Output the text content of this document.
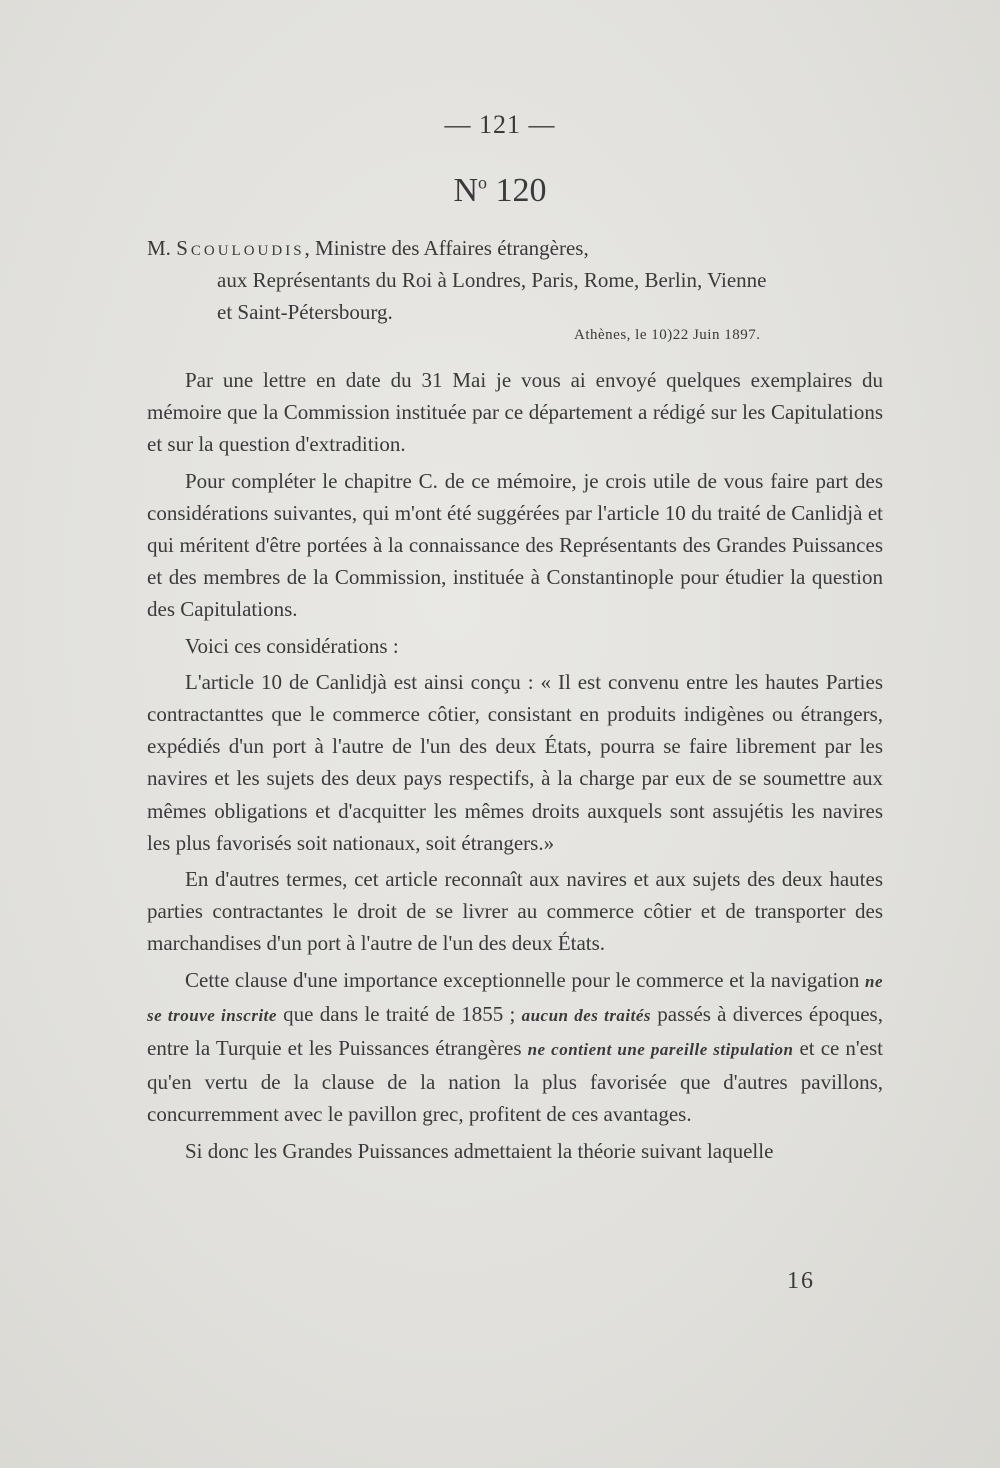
— 121 —
$N^o$ 120

M. Scouloudis, Ministre des Affaires étrangères,

aux Représentants du Roi à Londres, Paris, Rome, Berlin, Vienne

et Saint-Pétersbourg.

Athènes, le 10)22 Juin 1897.

Par une lettre en date du 31 Mai je vous ai envoyé quelques exemplaires du mémoire que la Commission instituée par ce département a rédigé sur les Capitulations et sur la question d'extradition.

Pour compléter le chapitre C. de ce mémoire, je crois utile de vous faire part des considérations suivantes, qui m'ont été suggérées par l'article 10 du traité de Canlidjà et qui méritent d'être portées à la connaissance des Représentants des Grandes Puissances et des membres de la Commission, instituée à Constantinople pour étudier la question des Capitulations.

Voici ces considérations :

L'article 10 de Canlidjà est ainsi conçu : « Il est convenu entre les hautes Parties contractanttes que le commerce côtier, consistant en produits indigènes ou étrangers, expédiés d'un port à l'autre de l'un des deux États, pourra se faire librement par les navires et les sujets des deux pays respectifs, à la charge par eux de se soumettre aux mêmes obligations et d'acquitter les mêmes droits auxquels sont assujétis les navires les plus favorisés soit nationaux, soit étrangers.»

En d'autres termes, cet article reconnaît aux navires et aux sujets des deux hautes parties contractantes le droit de se livrer au commerce côtier et de transporter des marchandises d'un port à l'autre de l'un des deux États.

Cette clause d'une importance exceptionnelle pour le commerce et la navigation ne se trouve inscrite que dans le traité de 1855 ; aucun des traités passés à diverces époques, entre la Turquie et les Puissances étrangères ne contient une pareille stipulation et ce n'est qu'en vertu de la clause de la nation la plus favorisée que d'autres pavillons, concurremment avec le pavillon grec, profitent de ces avantages.

Si donc les Grandes Puissances admettaient la théorie suivant laquelle

16
